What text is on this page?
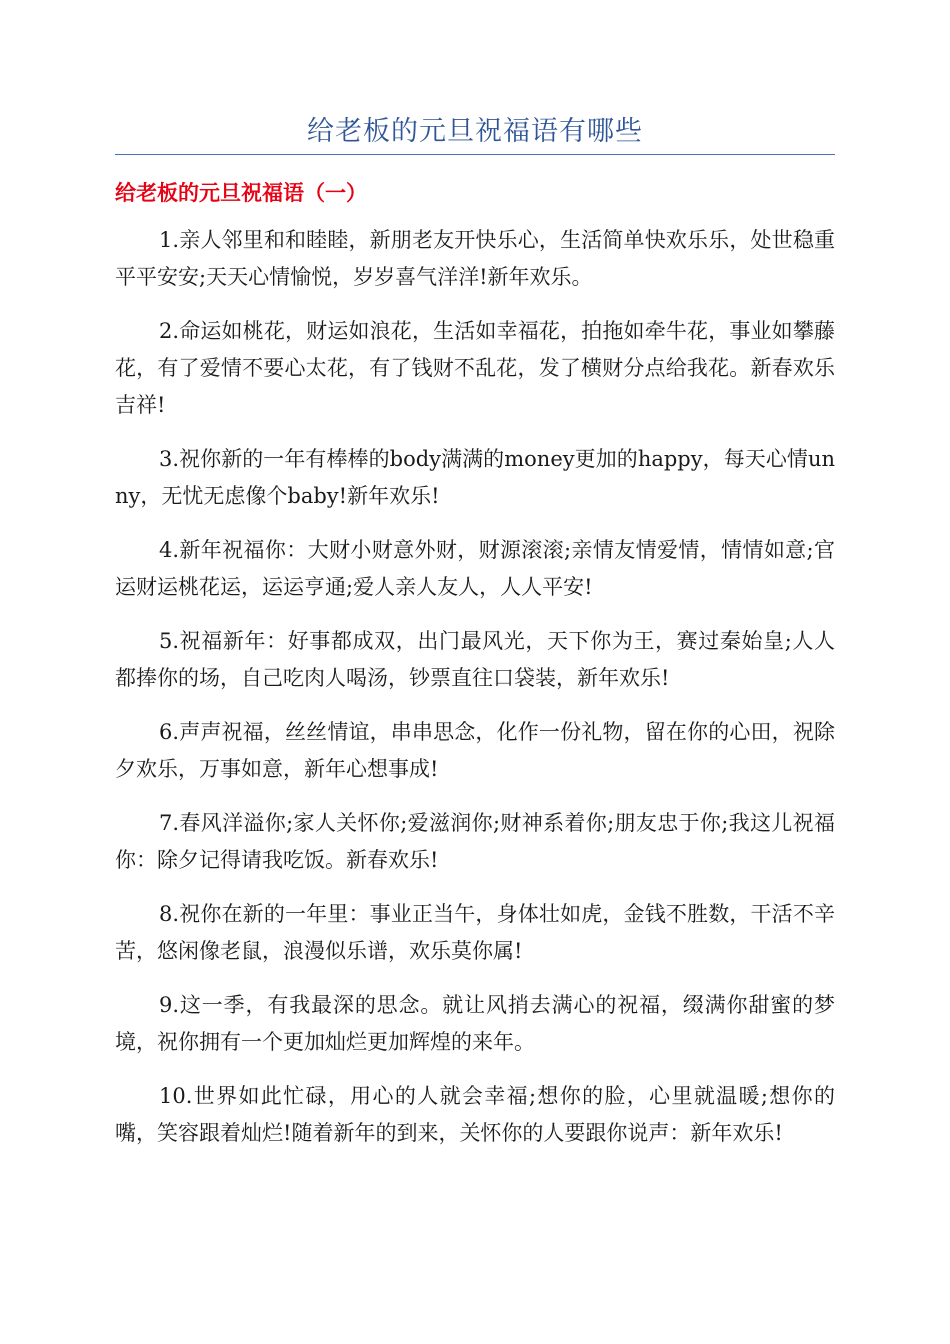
给老板的元旦祝福语有哪些
给老板的元旦祝福语（一）

1.亲人邻里和和睦睦，新朋老友开快乐心，生活简单快欢乐乐，处世稳重平平安安;天天心情愉悦，岁岁喜气洋洋!新年欢乐。

2.命运如桃花，财运如浪花，生活如幸福花，拍拖如牵牛花，事业如攀藤花，有了爱情不要心太花，有了钱财不乱花，发了横财分点给我花。新春欢乐吉祥!

3.祝你新的一年有棒棒的body满满的money更加的happy，每天心情unny，无忧无虑像个baby!新年欢乐!

4.新年祝福你：大财小财意外财，财源滚滚;亲情友情爱情，情情如意;官运财运桃花运，运运亨通;爱人亲人友人，人人平安!

5.祝福新年：好事都成双，出门最风光，天下你为王，赛过秦始皇;人人都捧你的场，自己吃肉人喝汤，钞票直往口袋装，新年欢乐!

6.声声祝福，丝丝情谊，串串思念，化作一份礼物，留在你的心田，祝除夕欢乐，万事如意，新年心想事成!

7.春风洋溢你;家人关怀你;爱滋润你;财神系着你;朋友忠于你;我这儿祝福你：除夕记得请我吃饭。新春欢乐!

8.祝你在新的一年里：事业正当午，身体壮如虎，金钱不胜数，干活不辛苦，悠闲像老鼠，浪漫似乐谱，欢乐莫你属!

9.这一季，有我最深的思念。就让风捎去满心的祝福，缀满你甜蜜的梦境，祝你拥有一个更加灿烂更加辉煌的来年。

10.世界如此忙碌，用心的人就会幸福;想你的脸，心里就温暖;想你的嘴，笑容跟着灿烂!随着新年的到来，关怀你的人要跟你说声：新年欢乐!
